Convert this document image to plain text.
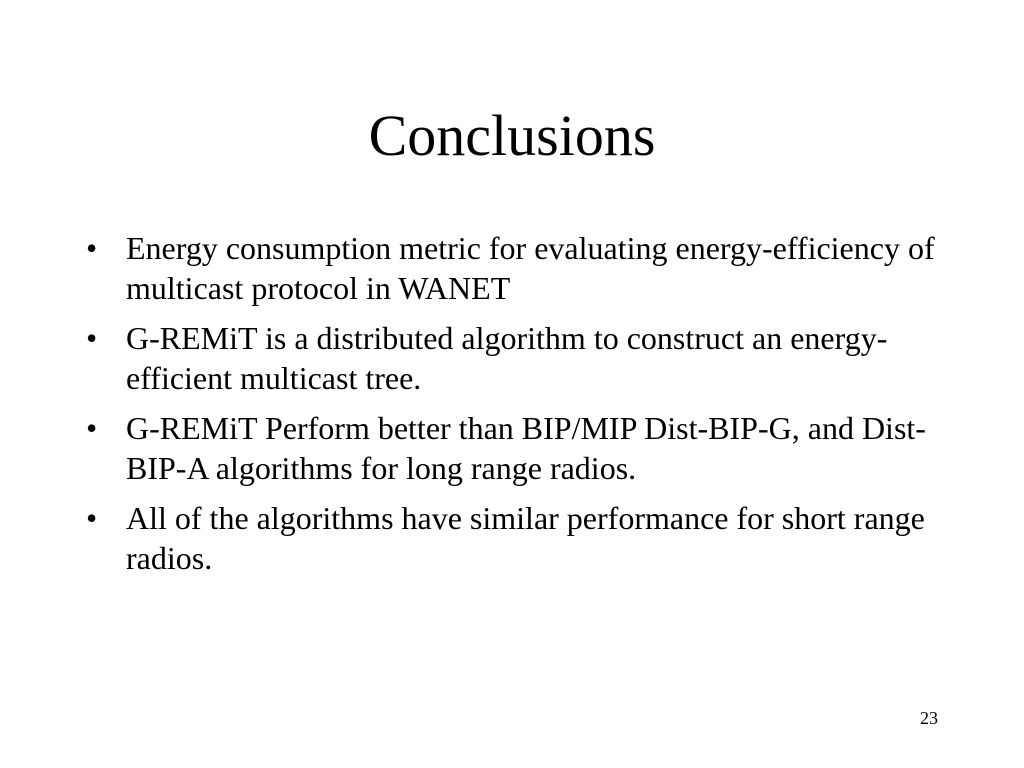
Conclusions
• Energy consumption metric for evaluating energy-efficiency of multicast protocol in WANET
• G-REMiT is a distributed algorithm to construct an energy-efficient multicast tree.
• G-REMiT Perform better than BIP/MIP Dist-BIP-G, and Dist-BIP-A algorithms for long range radios.
• All of the algorithms have similar performance for short range radios.
23
